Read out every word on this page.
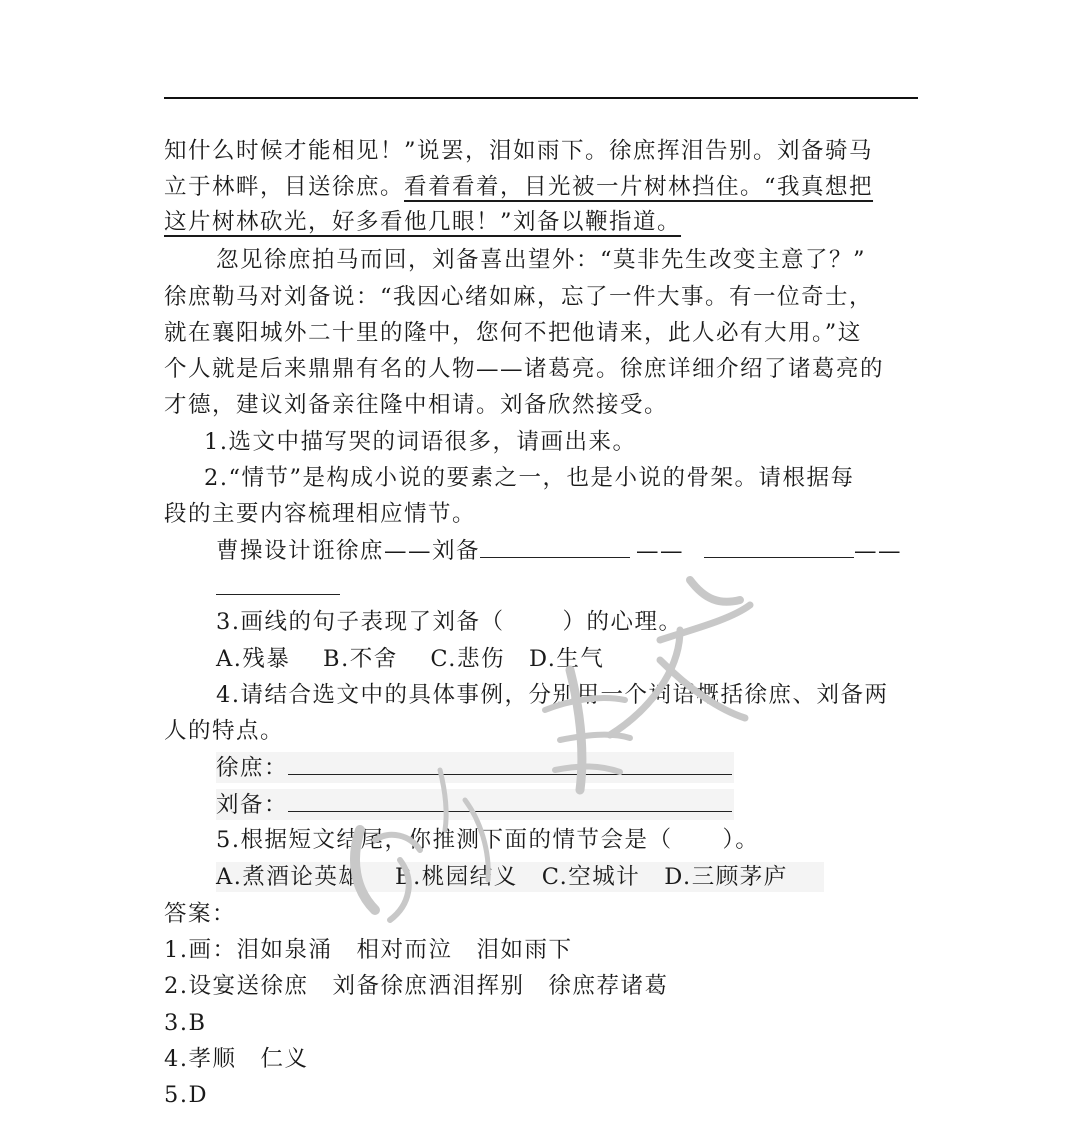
知什么时候才能相见！”说罢，泪如雨下。徐庶挥泪告别。刘备骑马
立于林畔，目送徐庶。看着看着，目光被一片树林挡住。“我真想把
这片树林砍光，好多看他几眼！”刘备以鞭指道。
忽见徐庶拍马而回，刘备喜出望外：“莫非先生改变主意了？”
徐庶勒马对刘备说：“我因心绪如麻，忘了一件大事。有一位奇士，
就在襄阳城外二十里的隆中，您何不把他请来，此人必有大用。”这
个人就是后来鼎鼎有名的人物——诸葛亮。徐庶详细介绍了诸葛亮的
才德，建议刘备亲往隆中相请。刘备欣然接受。
1.选文中描写哭的词语很多，请画出来。
2.“情节”是构成小说的要素之一，也是小说的骨架。请根据每
段的主要内容梳理相应情节。
曹操设计诳徐庶——刘备	——	——
3.画线的句子表现了刘备（	）的心理。
A.残暴　 B.不舍　 C.悲伤　D.生气
4.请结合选文中的具体事例，分别用一个词语概括徐庶、刘备两
人的特点。
徐庶：
刘备：
5.根据短文结尾，你推测下面的情节会是（ ）。
A.煮酒论英雄　 B.桃园结义　C.空城计　D.三顾茅庐
答案：
1.画：泪如泉涌　相对而泣　泪如雨下
2.设宴送徐庶　刘备徐庶洒泪挥别　徐庶荐诸葛
3.B
4.孝顺　仁义
5.D
